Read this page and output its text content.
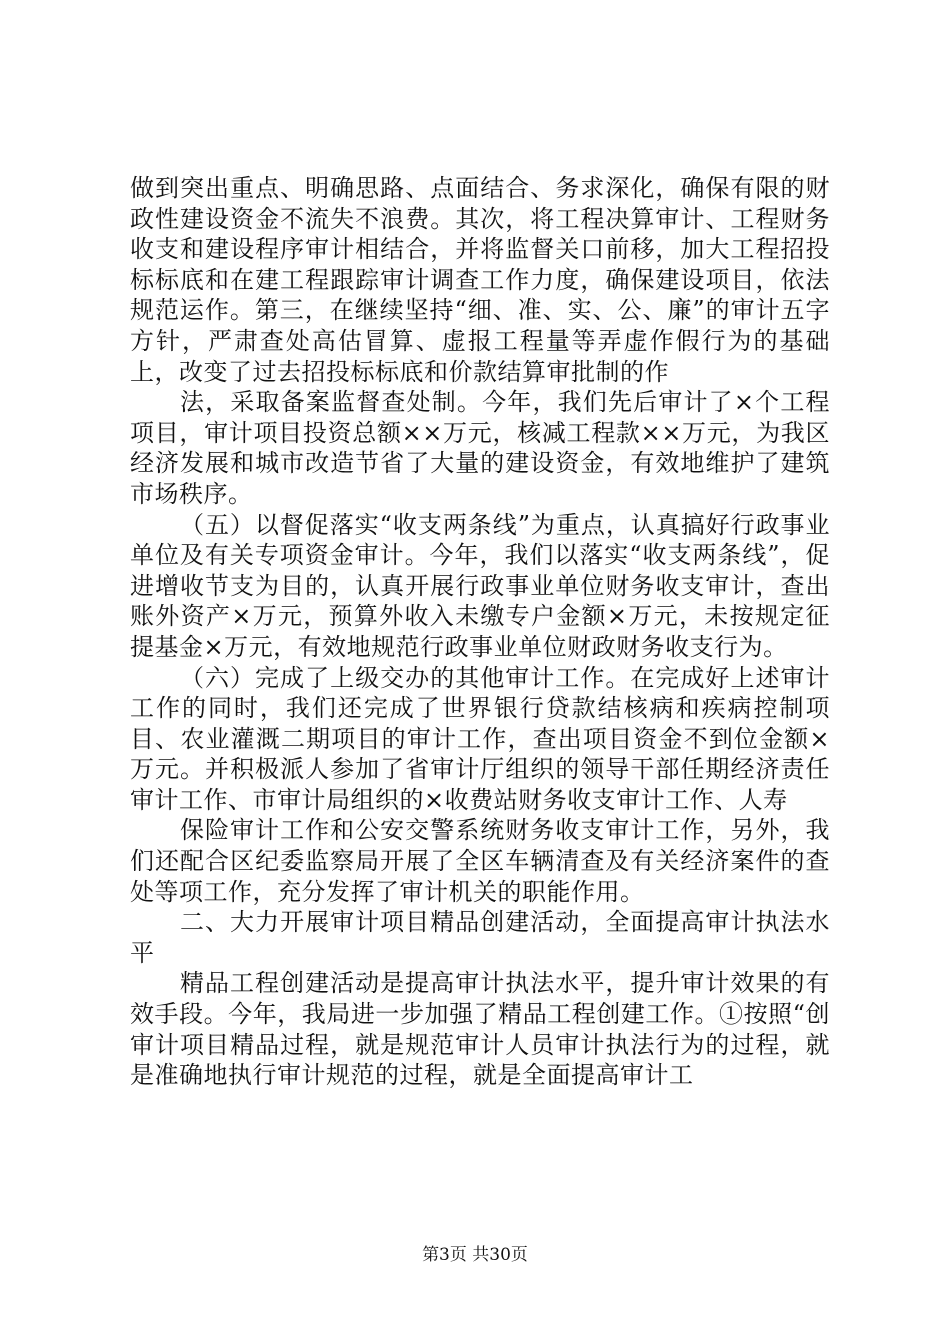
做到突出重点、明确思路、点面结合、务求深化，确保有限的财政性建设资金不流失不浪费。其次，将工程决算审计、工程财务收支和建设程序审计相结合，并将监督关口前移，加大工程招投标标底和在建工程跟踪审计调查工作力度，确保建设项目，依法规范运作。第三，在继续坚持“细、准、实、公、廉”的审计五字方针，严肃查处高估冒算、虚报工程量等弄虚作假行为的基础上，改变了过去招投标标底和价款结算审批制的作

法，采取备案监督查处制。今年，我们先后审计了×个工程项目，审计项目投资总额××万元，核减工程款××万元，为我区经济发展和城市改造节省了大量的建设资金，有效地维护了建筑市场秩序。

（五）以督促落实“收支两条线”为重点，认真搞好行政事业单位及有关专项资金审计。今年，我们以落实“收支两条线”，促进增收节支为目的，认真开展行政事业单位财务收支审计，查出账外资产×万元，预算外收入未缴专户金额×万元，未按规定征提基金×万元，有效地规范行政事业单位财政财务收支行为。

（六）完成了上级交办的其他审计工作。在完成好上述审计工作的同时，我们还完成了世界银行贷款结核病和疾病控制项目、农业灌溉二期项目的审计工作，查出项目资金不到位金额×万元。并积极派人参加了省审计厅组织的领导干部任期经济责任审计工作、市审计局组织的×收费站财务收支审计工作、人寿

保险审计工作和公安交警系统财务收支审计工作，另外，我们还配合区纪委监察局开展了全区车辆清查及有关经济案件的查处等项工作，充分发挥了审计机关的职能作用。

二、大力开展审计项目精品创建活动，全面提高审计执法水平

精品工程创建活动是提高审计执法水平，提升审计效果的有效手段。今年，我局进一步加强了精品工程创建工作。①按照“创审计项目精品过程，就是规范审计人员审计执法行为的过程，就是准确地执行审计规范的过程，就是全面提高审计工

第3页 共30页
